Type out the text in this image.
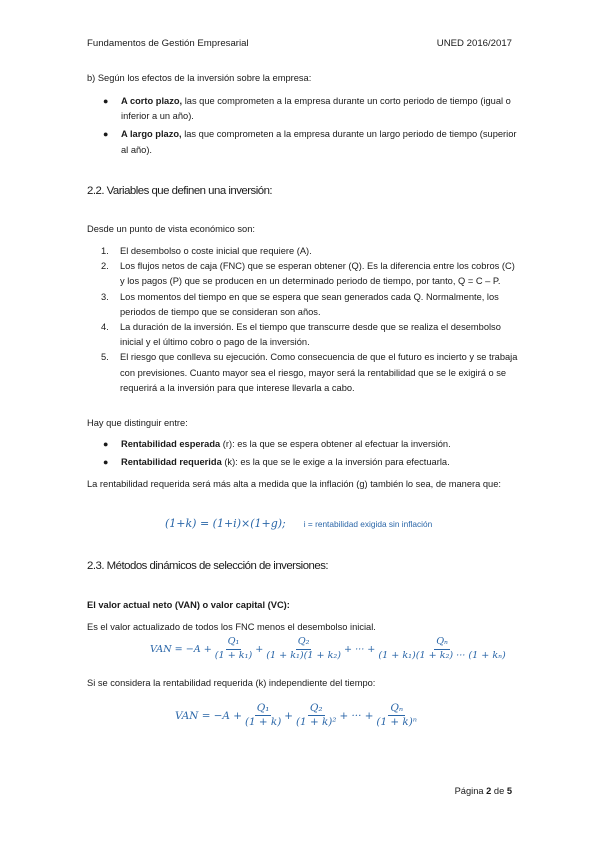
Fundamentos de Gestión Empresarial	UNED 2016/2017
b) Según los efectos de la inversión sobre la empresa:
● A corto plazo, las que comprometen a la empresa durante un corto periodo de tiempo (igual o inferior a un año).
● A largo plazo, las que comprometen a la empresa durante un largo periodo de tiempo (superior al año).
2.2. Variables que definen una inversión:
Desde un punto de vista económico son:
1. El desembolso o coste inicial que requiere (A).
2. Los flujos netos de caja (FNC) que se esperan obtener (Q). Es la diferencia entre los cobros (C) y los pagos (P) que se producen en un determinado periodo de tiempo, por tanto, Q = C – P.
3. Los momentos del tiempo en que se espera que sean generados cada Q. Normalmente, los periodos de tiempo que se consideran son años.
4. La duración de la inversión. Es el tiempo que transcurre desde que se realiza el desembolso inicial y el último cobro o pago de la inversión.
5. El riesgo que conlleva su ejecución. Como consecuencia de que el futuro es incierto y se trabaja con previsiones. Cuanto mayor sea el riesgo, mayor será la rentabilidad que se le exigirá o se requerirá a la inversión para que interese llevarla a cabo.
Hay que distinguir entre:
● Rentabilidad esperada (r): es la que se espera obtener al efectuar la inversión.
● Rentabilidad requerida (k): es la que se le exige a la inversión para efectuarla.
La rentabilidad requerida será más alta a medida que la inflación (g) también lo sea, de manera que:
(1+k) = (1+i)×(1+g); i = rentabilidad exigida sin inflación
2.3. Métodos dinámicos de selección de inversiones:
El valor actual neto (VAN) o valor capital (VC):
Es el valor actualizado de todos los FNC menos el desembolso inicial.
VAN = $-A + \frac{\text{Q₁}}{\text{(1 + k₁)}} + \frac{\text{Q₂}}{\text{(1 + k₁)(1 + k₂)}}$ + ··· + $\frac{\text{Qₙ}}{\text{(1 + k₁)(1 + k₂) ··· (1 + kₙ)}}$
Si se considera la rentabilidad requerida (k) independiente del tiempo:
VAN = $-A + \frac{\text{Q₁}}{(1 + k)} + \frac{\text{Q₂}}{\text{(1 + k)²}}$ + ··· + $\frac{\text{Qₙ}}{\text{(1 + k)ⁿ}}$
Página 2 de 5
